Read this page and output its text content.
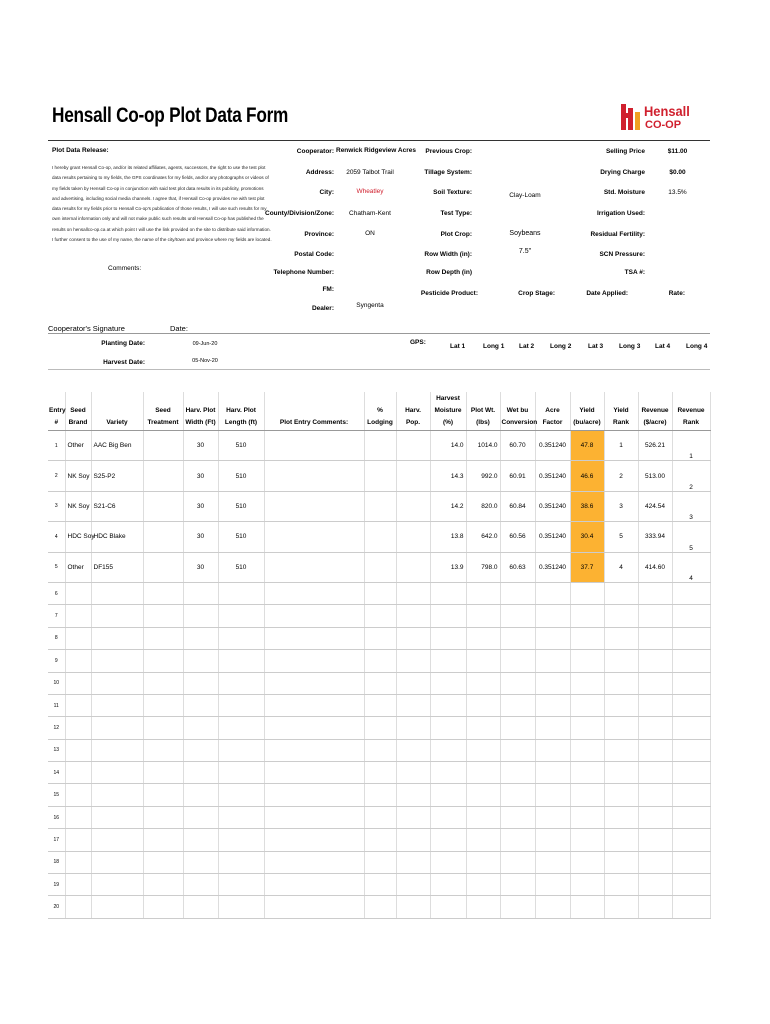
Hensall Co-op Plot Data Form	Hensall
CO-OP
Plot Data Release:
I hereby grant Hensall Co-op, and/or its related affiliates, agents, successors, the right to use the test plot data results pertaining to my fields, the GPS coordinates for my fields, and/or any photographs or videos of my fields taken by Hensall Co-op in conjunction with said test plot data results in its publicity, promotions and advertising, including social media channels. I agree that, if Hensall Co-op provides me with test plot data results for my fields prior to Hensall Co-op's publication of those results, I will use such results for my own internal information only and will not make public such results until Hensall Co-op has published the results on hensallco-op.ca at which point I will use the link provided on the site to distribute said information. I further consent to the use of my name, the name of the city/town and province where my fields are located.
Comments:
Cooperator's Signature	Date:
Cooperator: Renwick Ridgeview Acres
Address:	2059 Talbot Trail
City:	Wheatley
County/Division/Zone:	Chatham-Kent
Province:	ON
Postal Code:
Telephone Number:
FM:
Dealer:	Syngenta
Previous Crop:
Tillage System:
Soil Texture:	Clay-Loam
Test Type:
Plot Crop:	Soybeans
Row Width (in):	7.5"
Row Depth (in)
Pesticide Product:	Crop Stage:	Date Applied:	Rate:
Selling Price	$11.00
Drying Charge	$0.00
Std. Moisture	13.5%
Irrigation Used:
Residual Fertility:
SCN Pressure:
TSA #:
Planting Date:	09-Jun-20
Harvest Date:	05-Nov-20
GPS:
Lat 1	Long 1 Lat 2 Long 2	Lat 3 Long 3 Lat 4 Long 4
Entry #	Seed Brand	Variety	Seed Treatment	Harv. Plot Width (Ft)	Harv. Plot Length (ft)	Plot Entry Comments:	% Lodging	Harv. Pop.	Harvest Moisture (%)	Plot Wt. (lbs)	Wet bu Conversion	Acre Factor	Yield (bu/acre)	Yield Rank	Revenue ($/acre)	Revenue Rank
1	Other	AAC Big Ben		30	510				14.0	1014.0	60.70	0.351240	47.8	1	526.21	1
2	NK Soy	S25-P2		30	510				14.3	992.0	60.91	0.351240	46.6	2	513.00	2
3	NK Soy	S21-C6		30	510				14.2	820.0	60.84	0.351240	38.6	3	424.54	3
4	HDC Soy	HDC Blake		30	510				13.8	642.0	60.56	0.351240	30.4	5	333.94	5
5	Other	DF155		30	510				13.9	798.0	60.63	0.351240	37.7	4	414.60	4
6																
7																
8																
9																
10																
11																
12																
13																
14																
15																
16																
17																
18																
19																
20																
